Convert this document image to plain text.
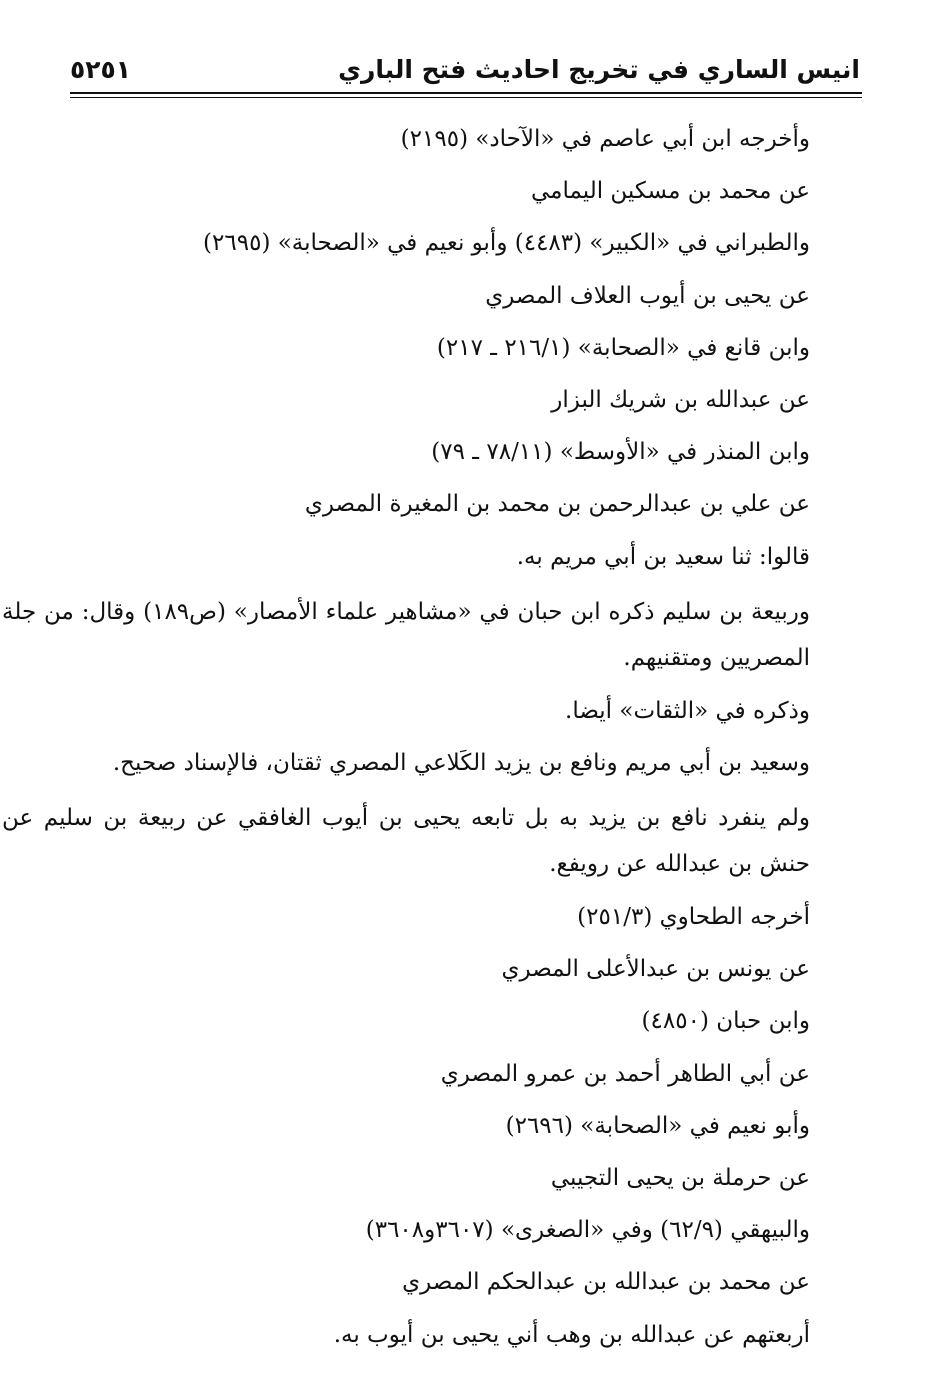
انيس الساري في تخريج احاديث فتح الباري
٥٢٥١
وأخرجه ابن أبي عاصم في «الآحاد» (٢١٩٥)
عن محمد بن مسكين اليمامي
والطبراني في «الكبير» (٤٤٨٣) وأبو نعيم في «الصحابة» (٢٦٩٥)
عن يحيى بن أيوب العلاف المصري
وابن قانع في «الصحابة» (٢١٦/١ ـ ٢١٧)
عن عبدالله بن شريك البزار
وابن المنذر في «الأوسط» (٧٨/١١ ـ ٧٩)
عن علي بن عبدالرحمن بن محمد بن المغيرة المصري
قالوا: ثنا سعيد بن أبي مريم به.
وربيعة بن سليم ذكره ابن حبان في «مشاهير علماء الأمصار» (ص١٨٩) وقال: من جلة المصريين ومتقنيهم.
وذكره في «الثقات» أيضا.
وسعيد بن أبي مريم ونافع بن يزيد الكَلاعي المصري ثقتان، فالإسناد صحيح.
ولم ينفرد نافع بن يزيد به بل تابعه يحيى بن أيوب الغافقي عن ربيعة بن سليم عن حنش بن عبدالله عن رويفع.
أخرجه الطحاوي (٢٥١/٣)
عن يونس بن عبدالأعلى المصري
وابن حبان (٤٨٥٠)
عن أبي الطاهر أحمد بن عمرو المصري
وأبو نعيم في «الصحابة» (٢٦٩٦)
عن حرملة بن يحيى التجيبي
والبيهقي (٦٢/٩) وفي «الصغرى» (٣٦٠٧و٣٦٠٨)
عن محمد بن عبدالله بن عبدالحكم المصري
أربعتهم عن عبدالله بن وهب أني يحيى بن أيوب به.
